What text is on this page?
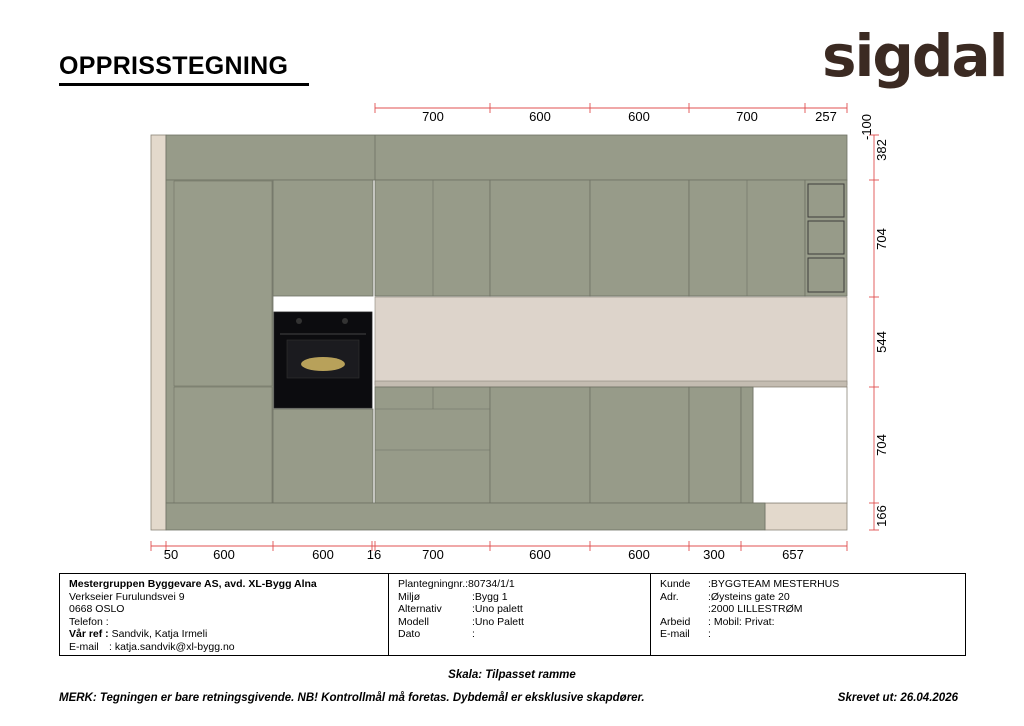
OPPRISSTEGNING	sigdal
700	600	600	700	257 -100
382
704
544
704
166
50	600	600	16	700	600	600	300	657
Mestergruppen Byggevare AS, avd. XL-Bygg Alna
Verkseier Furulundsvei 9
0668 OSLO
Telefon :
Vår ref : Sandvik, Katja Irmeli
E-mail : katja.sandvik@xl-bygg.no
Plantegningnr.:80734/1/1
Miljø	:Bygg 1
Alternativ	:Uno palett
Modell	:Uno Palett
Dato	:
Kunde :BYGGTEAM MESTERHUS
Adr.	:Øysteins gate 20
:2000 LILLESTRØM
Arbeid : Mobil: Privat:
E-mail :
Skala: Tilpasset ramme
MERK: Tegningen er bare retningsgivende. NB! Kontrollmål må foretas. Dybdemål er eksklusive skapdører.	Skrevet ut: 26.04.2026
